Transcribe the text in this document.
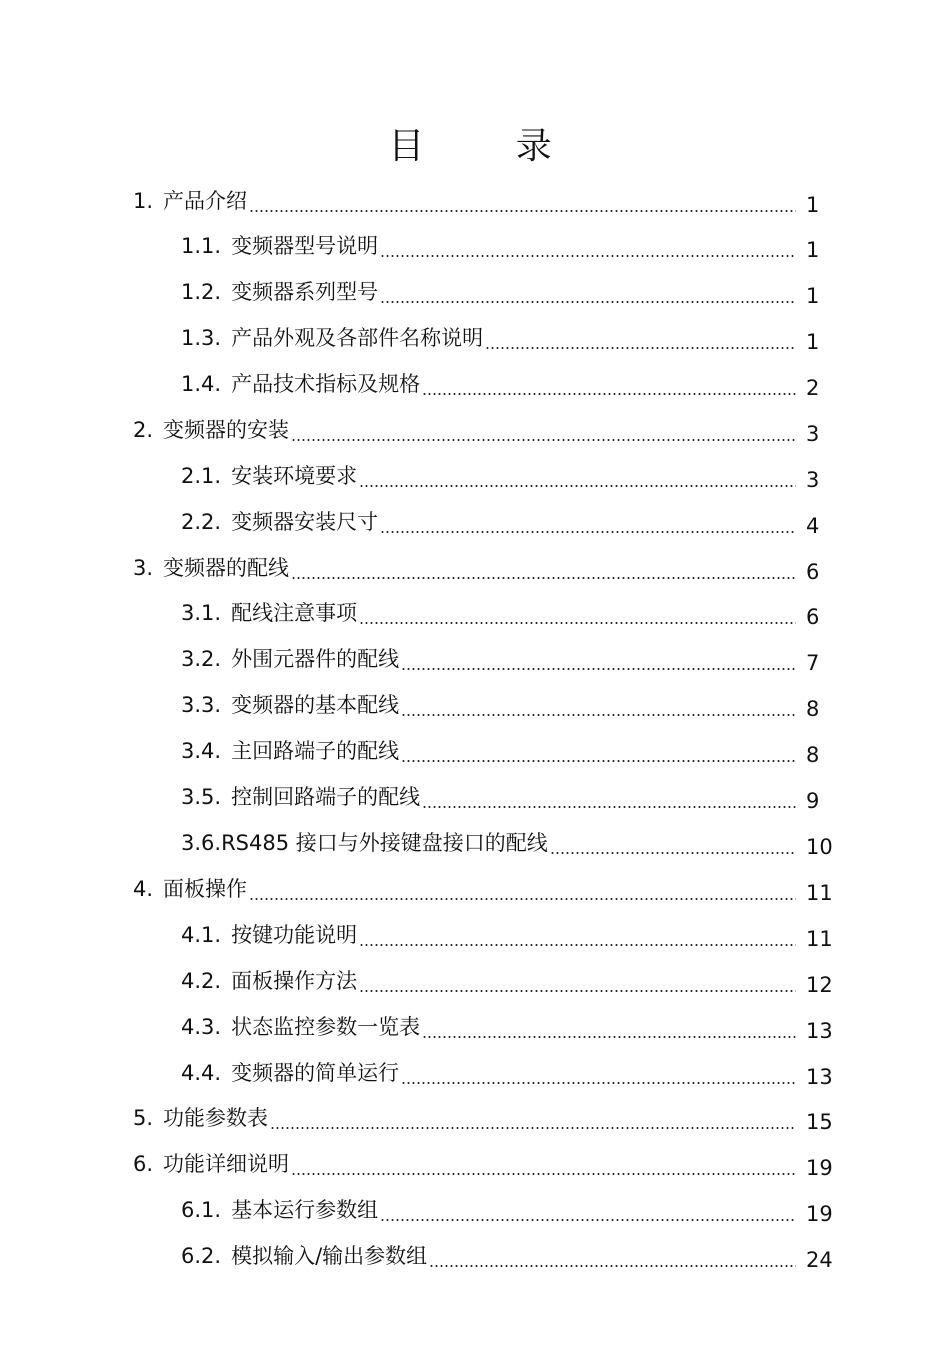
目 录
1. 产品介绍	1
1.1. 变频器型号说明	1
1.2. 变频器系列型号	1
1.3. 产品外观及各部件名称说明	1
1.4. 产品技术指标及规格	2
2. 变频器的安装	3
2.1. 安装环境要求	3
2.2. 变频器安装尺寸	4
3. 变频器的配线	6
3.1. 配线注意事项	6
3.2. 外围元器件的配线	7
3.3. 变频器的基本配线	8
3.4. 主回路端子的配线	8
3.5. 控制回路端子的配线	9
3.6.RS485 接口与外接键盘接口的配线	10
4. 面板操作	11
4.1. 按键功能说明	11
4.2. 面板操作方法	12
4.3. 状态监控参数一览表	13
4.4. 变频器的简单运行	13
5. 功能参数表	15
6. 功能详细说明	19
6.1. 基本运行参数组	19
6.2. 模拟输入/输出参数组	24
